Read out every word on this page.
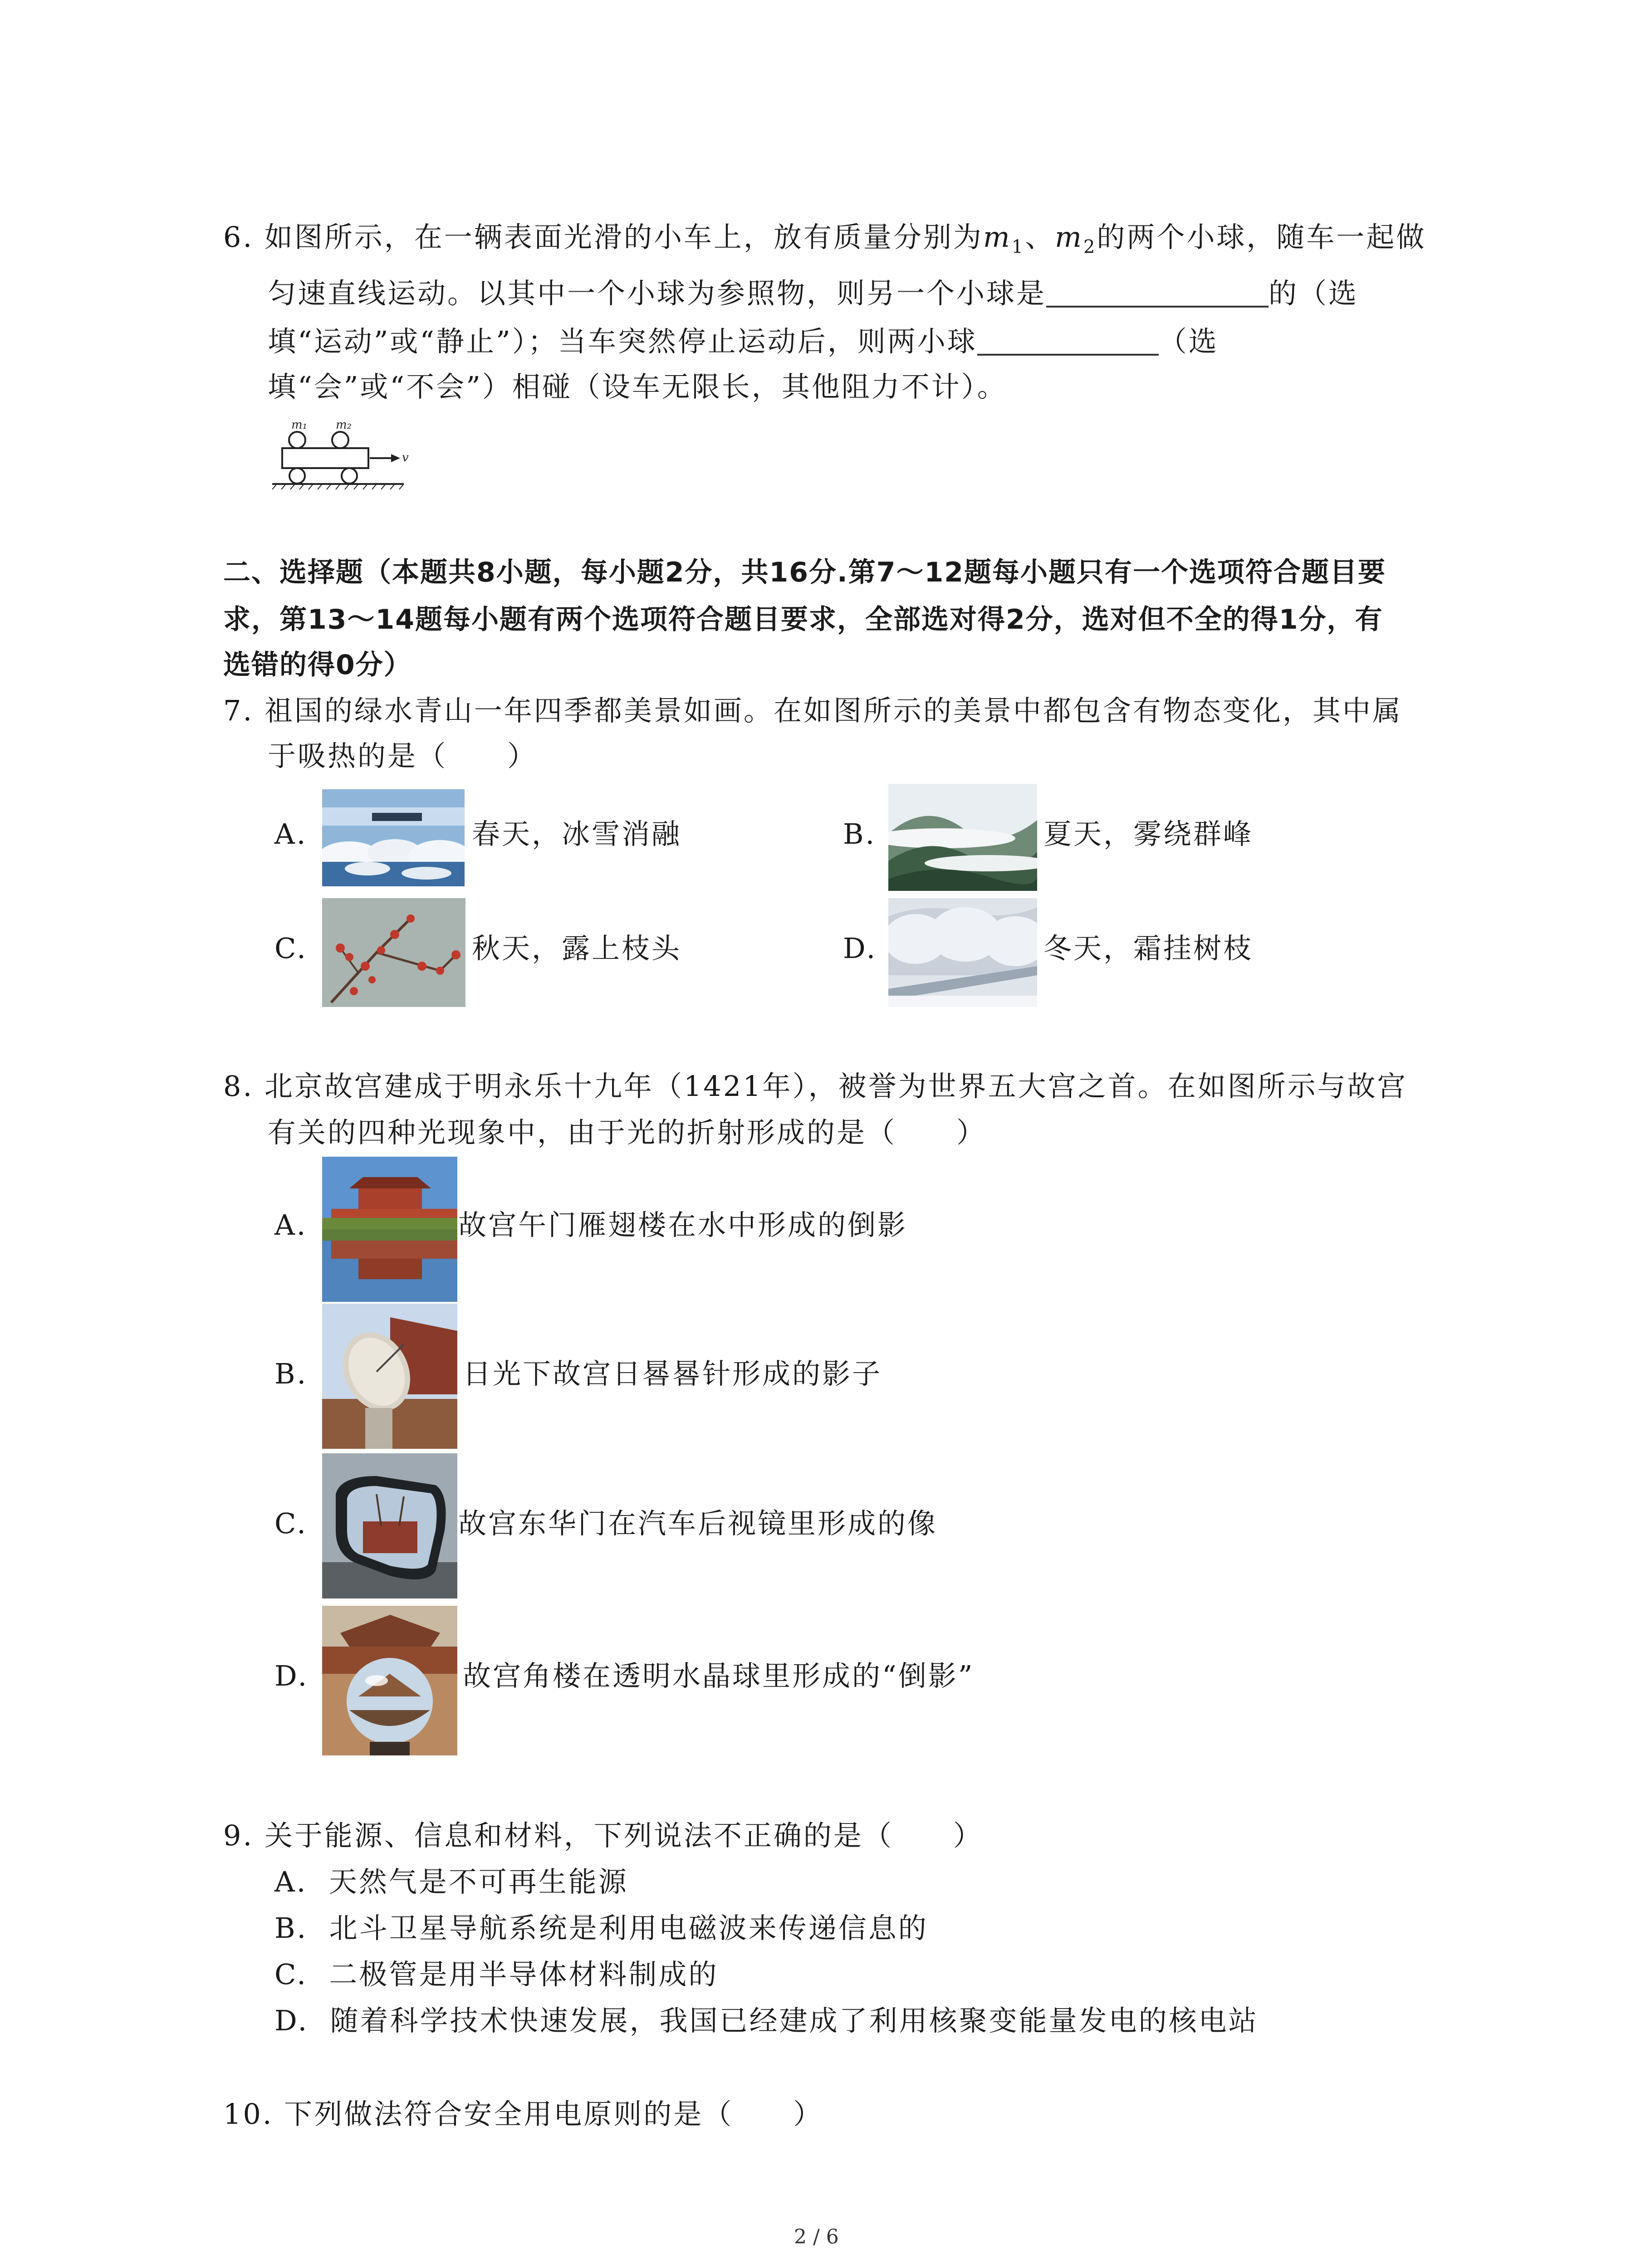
6. 如图所示，在一辆表面光滑的小车上，放有质量分别为$m_1$、$m_2$的两个小球，随车一起做
匀速直线运动。以其中一个小球为参照物，则另一个小球是	的（选
填“运动”或“静止”）；当车突然停止运动后，则两小球	（选
填“会”或“不会”）相碰（设车无限长，其他阻力不计）。
m₁ m₂
v
二、选择题（本题共8小题，每小题2分，共16分.第7～12题每小题只有一个选项符合题目要
求，第13～14题每小题有两个选项符合题目要求，全部选对得2分，选对但不全的得1分，有
选错的得0分）
7. 祖国的绿水青山一年四季都美景如画。在如图所示的美景中都包含有物态变化，其中属
于吸热的是（　　）
A.	春天，冰雪消融	B.	夏天，雾绕群峰
C.	秋天，露上枝头	D.	冬天，霜挂树枝
8. 北京故宫建成于明永乐十九年（1421年），被誉为世界五大宫之首。在如图所示与故宫
有关的四种光现象中，由于光的折射形成的是（　　）
A.	故宫午门雁翅楼在水中形成的倒影
B.	日光下故宫日晷晷针形成的影子
C.	故宫东华门在汽车后视镜里形成的像
D.	故宫角楼在透明水晶球里形成的“倒影”
9. 关于能源、信息和材料，下列说法不正确的是（　　）
A. 天然气是不可再生能源
B. 北斗卫星导航系统是利用电磁波来传递信息的
C. 二极管是用半导体材料制成的
D. 随着科学技术快速发展，我国已经建成了利用核聚变能量发电的核电站
10. 下列做法符合安全用电原则的是（　　）
2 / 6
